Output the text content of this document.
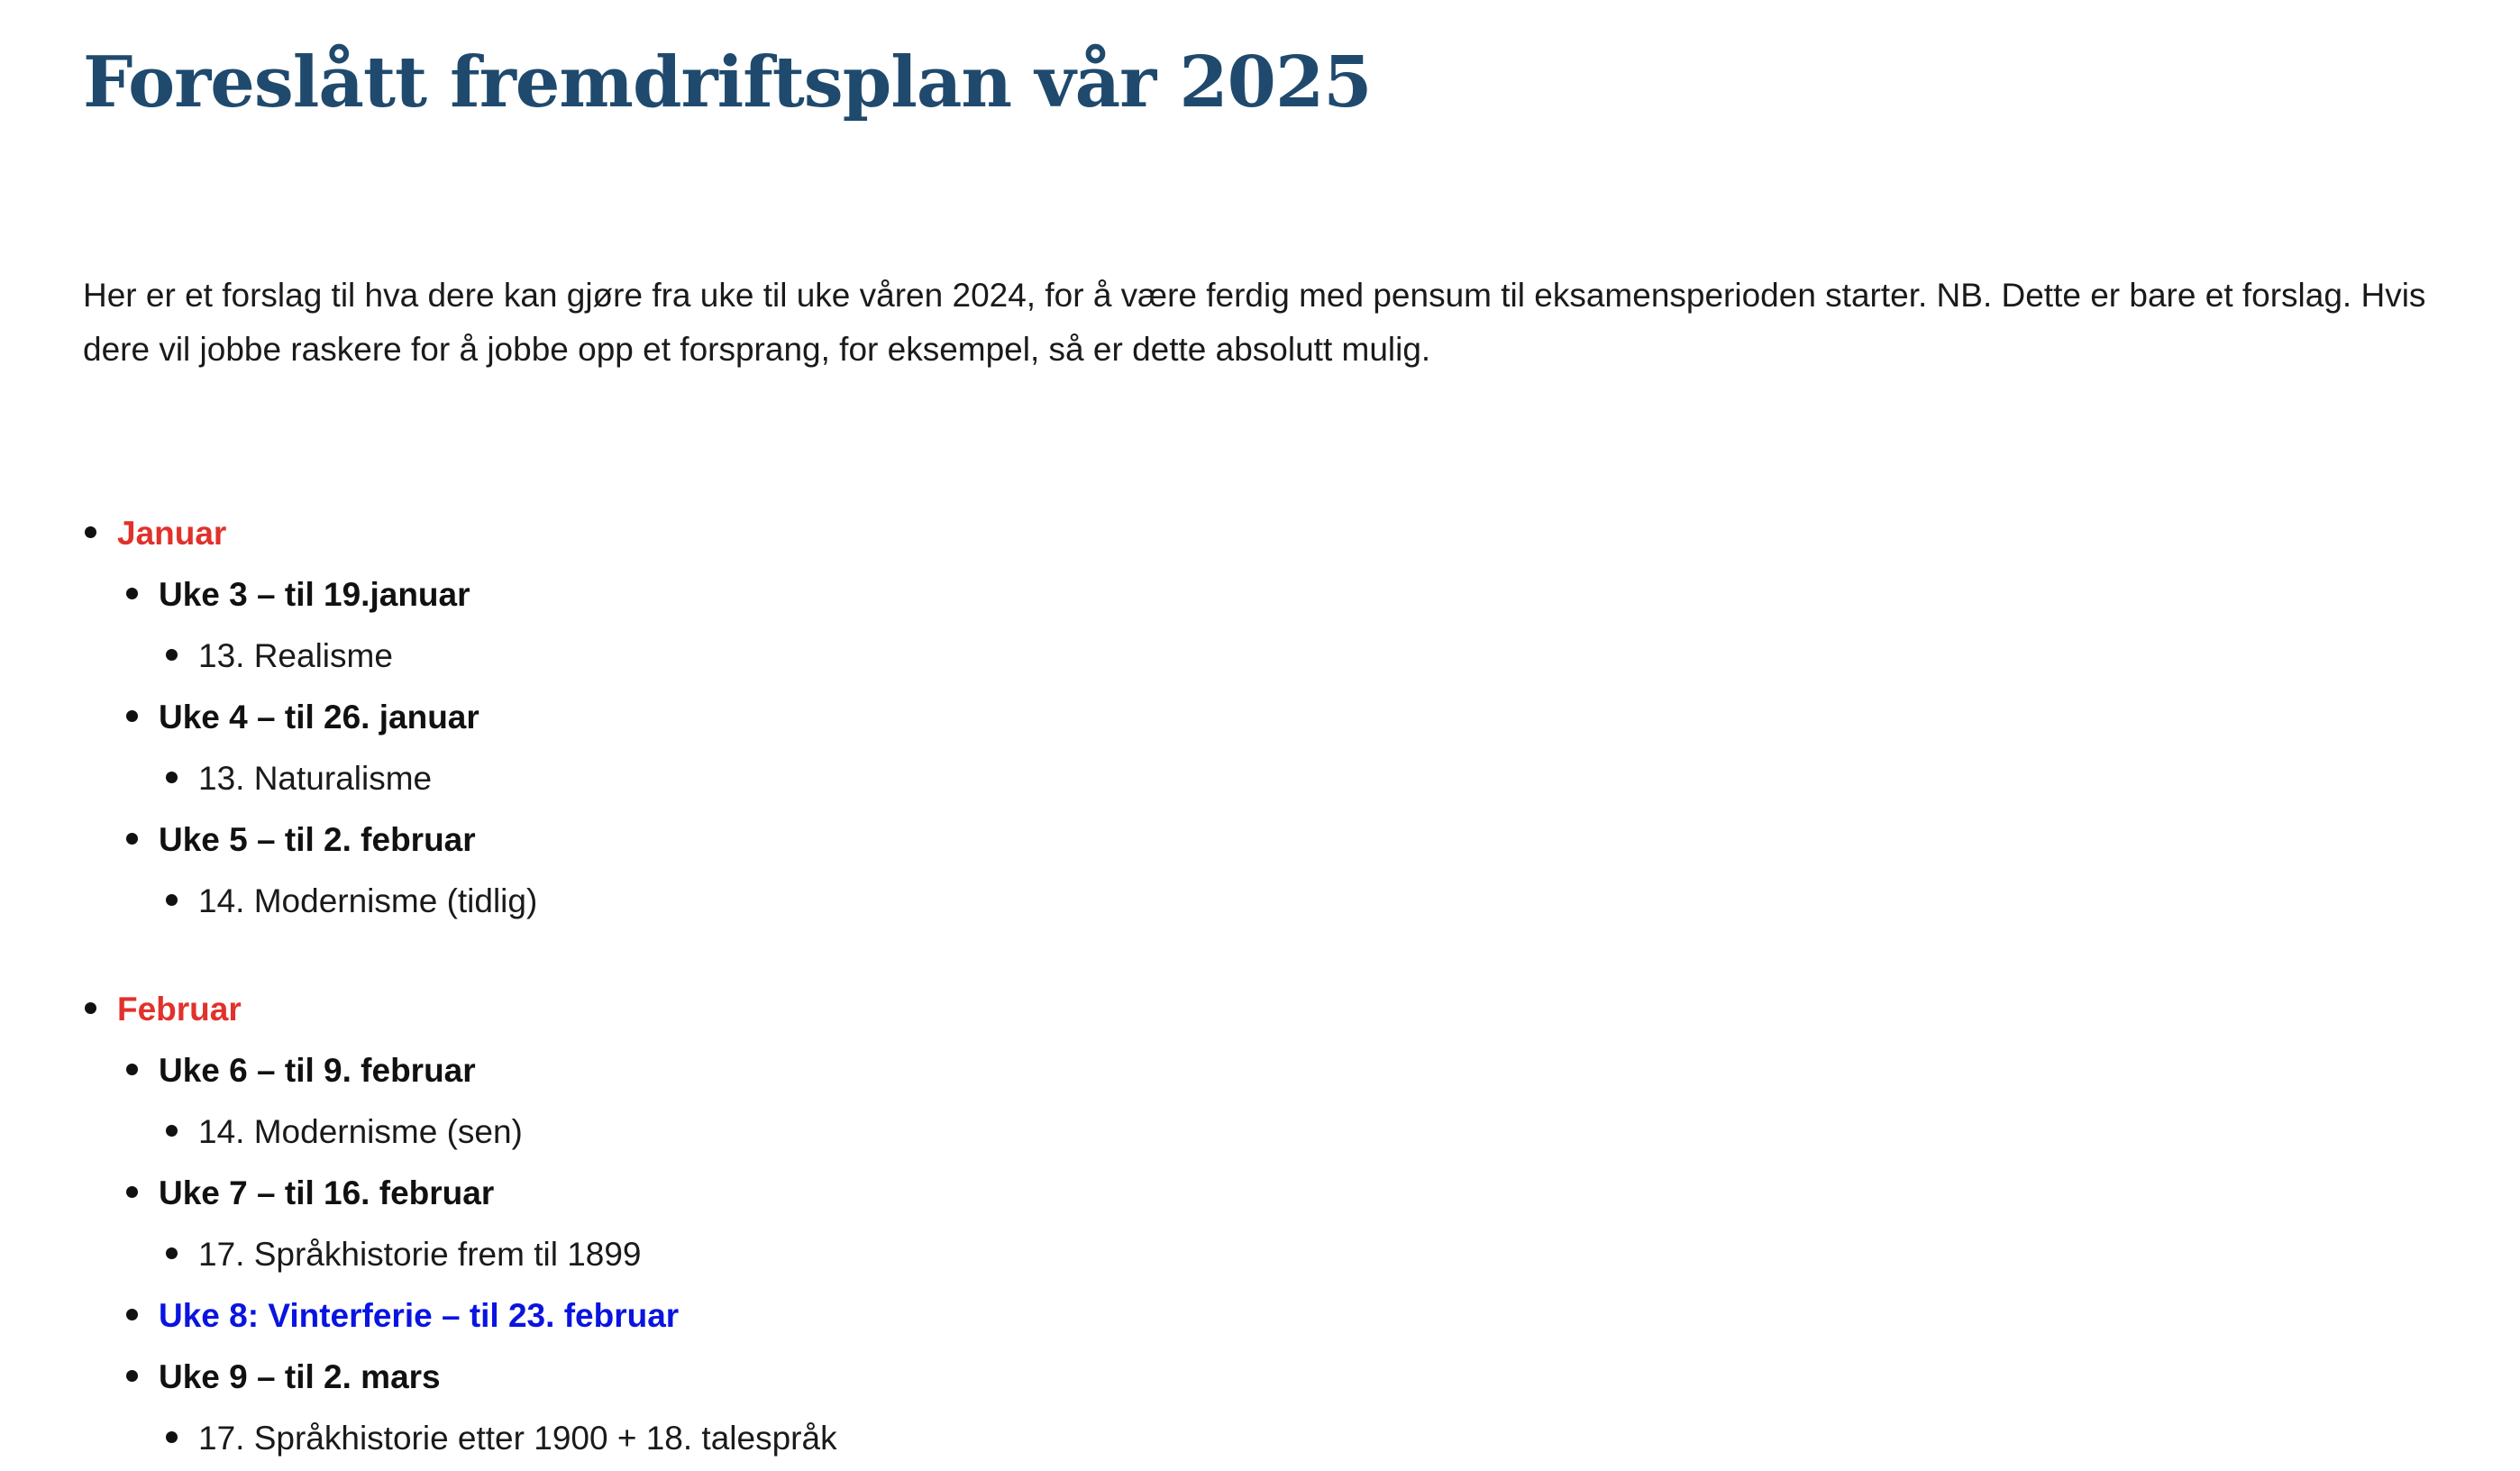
Foreslått fremdriftsplan vår 2025

Her er et forslag til hva dere kan gjøre fra uke til uke våren 2024, for å være ferdig med pensum til eksamensperioden starter. NB. Dette er bare et forslag. Hvis dere vil jobbe raskere for å jobbe opp et forsprang, for eksempel, så er dette absolutt mulig.

Januar
Uke 3 – til 19.januar
13. Realisme
Uke 4 – til 26. januar
13. Naturalisme
Uke 5 – til 2. februar
14. Modernisme (tidlig)
Februar
Uke 6 – til 9. februar
14. Modernisme (sen)
Uke 7 – til 16. februar
17. Språkhistorie frem til 1899
Uke 8: Vinterferie – til 23. februar
Uke 9 – til 2. mars
17. Språkhistorie etter 1900 + 18. talespråk
